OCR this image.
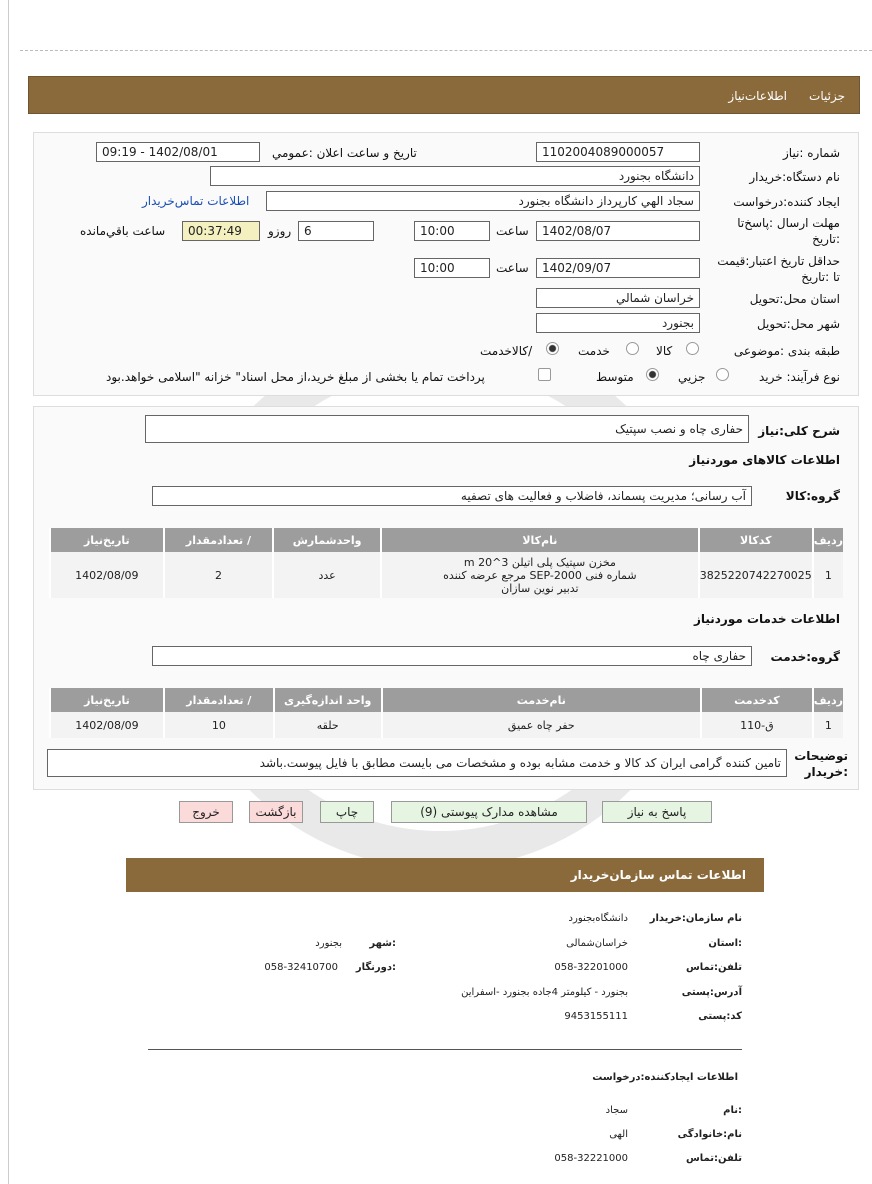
جزئیات
اطلاعات‌نیاز
شماره :نیاز
1102004089000057
تاریخ و ساعت اعلان :عمومي
1402/08/01 - 09:19
نام دستگاه:خریدار
دانشگاه بجنورد
ایجاد کننده:درخواست
سجاد الهي کارپرداز دانشگاه بجنورد
اطلاعات تماس‌خریدار
مهلت ارسال :پاسخ‌تا
:تاریخ
1402/08/07
ساعت
10:00
6
روزو
00:37:49
ساعت باقي‌مانده
حداقل تاریخ اعتبار:قیمت
تا :تاریخ
1402/09/07
ساعت
10:00
استان محل:تحویل
خراسان شمالي
شهر محل:تحویل
بجنورد
طبقه بندی :موضوعی
کالا
خدمت
/کالاخدمت
نوع فرآیند: خرید
جزيي
متوسط
پرداخت تمام یا بخشی از مبلغ خرید،از محل اسناد" خزانه "اسلامی خواهد.بود
شرح کلی:نیاز
حفاری چاه و نصب سپتیک
اطلاعات کالاهای موردنیاز
گروه:کالا
آب رسانی؛ مدیریت پسماند، فاضلاب و فعالیت های تصفیه
ردیف	کدکالا	نام‌کالا	واحدشمارش	/ تعدادمقدار	تاریخ‌نیاز
1	3825220742270025	مخزن سپتیک پلی اتیلن 3^20 m
شماره فنی SEP-2000 مرجع عرضه کننده
تدبیر نوین سازان	عدد	2	1402/08/09
اطلاعات خدمات موردنیاز
گروه:خدمت
حفاری چاه
ردیف	کدخدمت	نام‌خدمت	واحد اندازه‌گیری	/ تعدادمقدار	تاریخ‌نیاز
1	ق-110	حفر چاه عمیق	حلقه	10	1402/08/09
توضیحات
:خریدار
تامین کننده گرامی ایران کد کالا و خدمت مشابه بوده و مشخصات می بایست مطابق با فایل پیوست.باشد
پاسخ به نیاز
مشاهده مدارک پیوستی (9)
چاپ
بازگشت
خروج
اطلاعات تماس سازمان‌خریدار
نام سازمان:خریدار
دانشگاه‌بجنورد
:استان
خراسان‌شمالی
:شهر
بجنورد
تلفن:تماس
058-32201000
:دورنگار
058-32410700
آدرس:پستی
بجنورد - کیلومتر 4جاده بجنورد -اسفراین
کد:پستی
9453155111
اطلاعات ایجادکننده:درخواست
:نام
سجاد
نام:خانوادگی
الهی
تلفن:تماس
058-32221000
